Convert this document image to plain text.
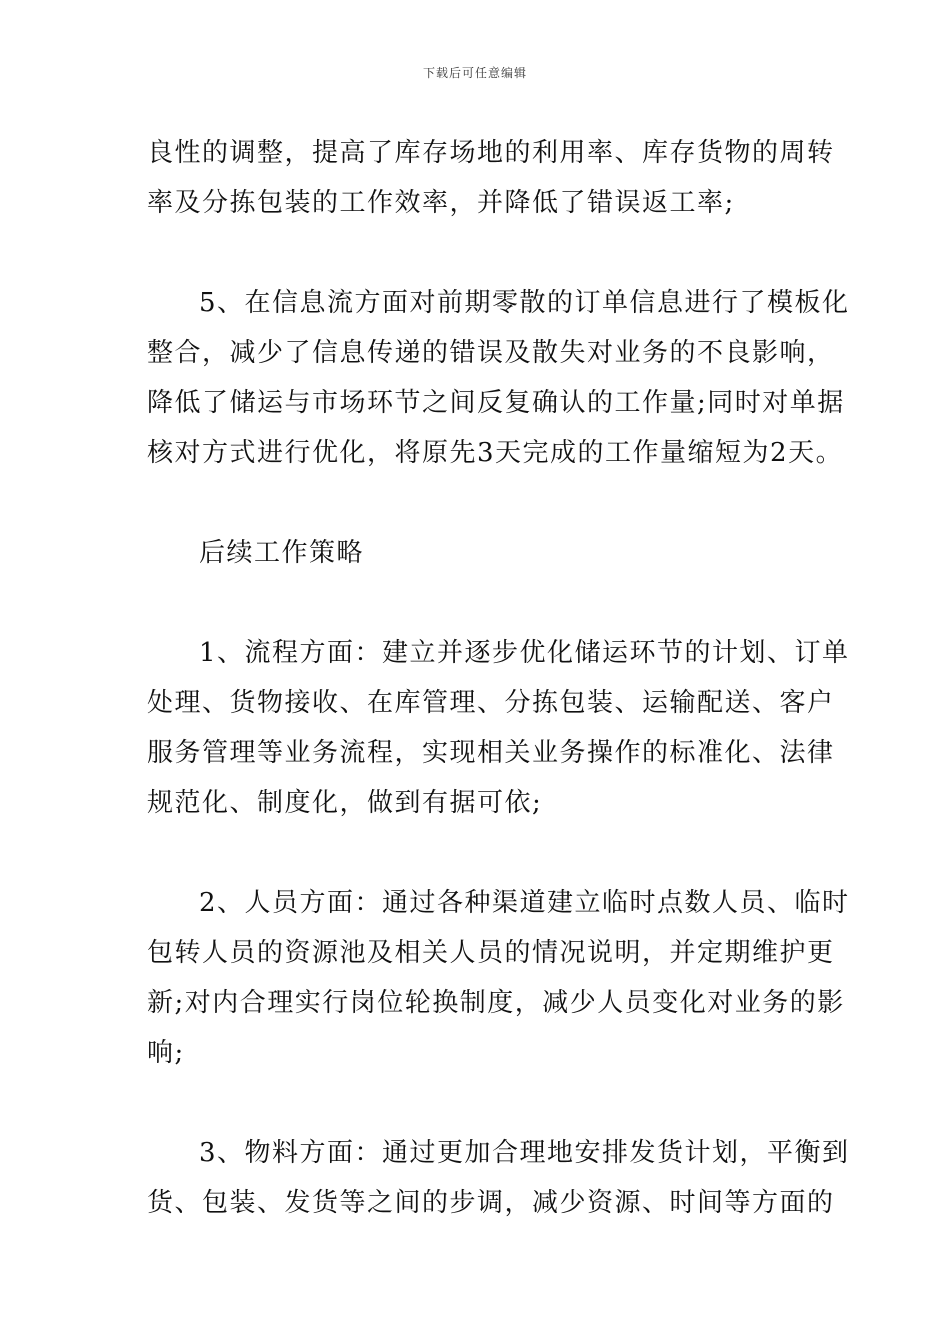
下载后可任意编辑
良性的调整，提高了库存场地的利用率、库存货物的周转
率及分拣包装的工作效率，并降低了错误返工率;
5、在信息流方面对前期零散的订单信息进行了模板化
整合，减少了信息传递的错误及散失对业务的不良影响，
降低了储运与市场环节之间反复确认的工作量;同时对单据
核对方式进行优化，将原先3天完成的工作量缩短为2天。
后续工作策略
1、流程方面：建立并逐步优化储运环节的计划、订单
处理、货物接收、在库管理、分拣包装、运输配送、客户
服务管理等业务流程，实现相关业务操作的标准化、法律
规范化、制度化，做到有据可依;
2、人员方面：通过各种渠道建立临时点数人员、临时
包转人员的资源池及相关人员的情况说明，并定期维护更
新;对内合理实行岗位轮换制度，减少人员变化对业务的影
响;
3、物料方面：通过更加合理地安排发货计划，平衡到
货、包装、发货等之间的步调，减少资源、时间等方面的
